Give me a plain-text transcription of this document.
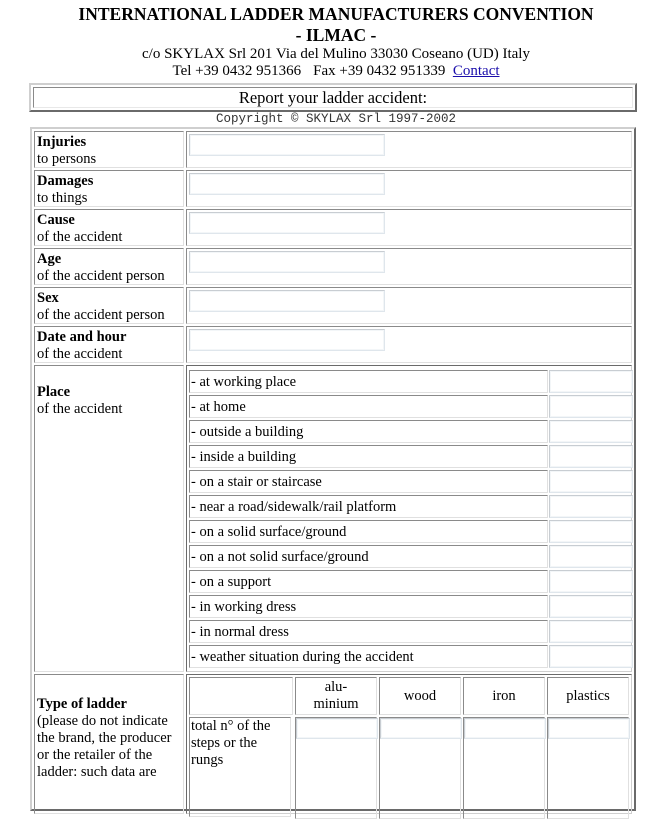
INTERNATIONAL LADDER MANUFACTURERS CONVENTION
- ILMAC -
c/o SKYLAX Srl 201 Via del Mulino 33030 Coseano (UD) Italy
Tel +39 0432 951366 Fax +39 0432 951339 Contact
Report your ladder accident:
Copyright © SKYLAX Srl 1997-2002
Injuries
to persons
Damages
to things
Cause
of the accident
Age
of the accident person
Sex
of the accident person
Date and hour
of the accident
Place
of the accident
- at working place
- at home
- outside a building
- inside a building
- on a stair or staircase
- near a road/sidewalk/rail platform
- on a solid surface/ground
- on a not solid surface/ground
- on a support
- in working dress
- in normal dress
- weather situation during the accident
Type of ladder
(please do not indicate
the brand, the producer
or the retailer of the
ladder: such data are
alu-
minium
wood	iron	plastics
total n° of the
steps or the
rungs
